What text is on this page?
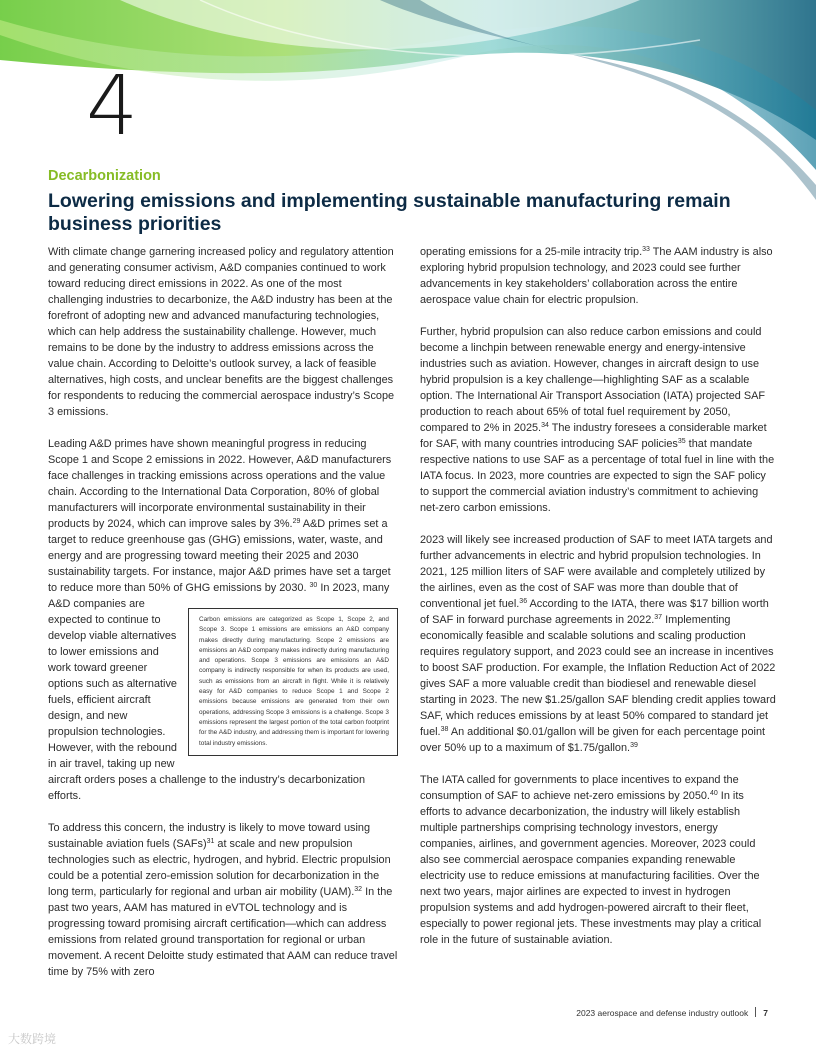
4
Decarbonization
Lowering emissions and implementing sustainable manufacturing remain business priorities

With climate change garnering increased policy and regulatory attention and generating consumer activism, A&D companies continued to work toward reducing direct emissions in 2022. As one of the most challenging industries to decarbonize, the A&D industry has been at the forefront of adopting new and advanced manufacturing technologies, which can help address the sustainability challenge. However, much remains to be done by the industry to address emissions across the value chain. According to Deloitte’s outlook survey, a lack of feasible alternatives, high costs, and unclear benefits are the biggest challenges for respondents to reducing the commercial aerospace industry’s Scope 3 emissions.

Leading A&D primes have shown meaningful progress in reducing Scope 1 and Scope 2 emissions in 2022. However, A&D manufacturers face challenges in tracking emissions across operations and the value chain. According to the International Data Corporation, 80% of global manufacturers will incorporate environmental sustainability in their products by 2024, which can improve sales by 3%.$^{29}$ A&D primes set a target to reduce greenhouse gas (GHG) emissions, water, waste, and energy and are progressing toward meeting their 2025 and 2030 sustainability targets. For instance, major A&D primes have set a target to reduce more than 50% of GHG emissions by 2030.
Carbon emissions are categorized as Scope 1, Scope 2, and Scope 3. Scope 1 emissions are emissions an A&D company makes directly during manufacturing. Scope 2 emissions are emissions an A&D company makes indirectly during manufacturing and operations. Scope 3 emissions are emissions an A&D company is indirectly responsible for when its products are used, such as emissions from an aircraft in flight. While it is relatively easy for A&D companies to reduce Scope 1 and Scope 2 emissions because emissions are generated from their own operations, addressing Scope 3 emissions is a challenge. Scope 3 emissions represent the largest portion of the total carbon footprint for the A&D industry, and addressing them is important for lowering total industry emissions.
$^{30}$ In 2023, many A&D companies are expected to continue to develop viable alternatives to lower emissions and work toward greener options such as alternative fuels, efficient aircraft design, and new propulsion technologies. However, with the rebound in air travel, taking up new aircraft orders poses a challenge to the industry’s decarbonization efforts.

To address this concern, the industry is likely to move toward using sustainable aviation fuels (SAFs)$^{31}$ at scale and new propulsion technologies such as electric, hydrogen, and hybrid. Electric propulsion could be a potential zero-emission solution for decarbonization in the long term, particularly for regional and urban air mobility (UAM).$^{32}$ In the past two years, AAM has matured in eVTOL technology and is progressing toward promising aircraft certification—which can address emissions from related ground transportation for regional or urban movement. A recent Deloitte study estimated that AAM can reduce travel time by 75% with zero

operating emissions for a 25-mile intracity trip.$^{33}$ The AAM industry is also exploring hybrid propulsion technology, and 2023 could see further advancements in key stakeholders’ collaboration across the entire aerospace value chain for electric propulsion.

Further, hybrid propulsion can also reduce carbon emissions and could become a linchpin between renewable energy and energy-intensive industries such as aviation. However, changes in aircraft design to use hybrid propulsion is a key challenge—highlighting SAF as a scalable option. The International Air Transport Association (IATA) projected SAF production to reach about 65% of total fuel requirement by 2050, compared to 2% in 2025.34 The industry foresees a considerable market for SAF, with many countries introducing SAF policies$^{35}$ that mandate respective nations to use SAF as a percentage of total fuel in line with the IATA focus. In 2023, more countries are expected to sign the SAF policy to support the commercial aviation industry’s commitment to achieving net-zero carbon emissions.

2023 will likely see increased production of SAF to meet IATA targets and further advancements in electric and hybrid propulsion technologies. In 2021, 125 million liters of SAF were available and completely utilized by the airlines, even as the cost of SAF was more than double that of conventional jet fuel.$^{36}$ According to the IATA, there was $17 billion worth of SAF in forward purchase agreements in 2022.37 Implementing economically feasible and scalable solutions and scaling production requires regulatory support, and 2023 could see an increase in incentives to boost SAF production. For example, the Inflation Reduction Act of 2022 gives SAF a more valuable credit than biodiesel and renewable diesel starting in 2023. The new $1.25/gallon SAF blending credit applies toward SAF, which reduces emissions by at least 50% compared to standard jet fuel.$^{38}$ An additional $0.01/gallon will be given for each percentage point over 50% up to a maximum of $1.75/gallon.$^{39}$

The IATA called for governments to place incentives to expand the consumption of SAF to achieve net-zero emissions by 2050.40 In its efforts to advance decarbonization, the industry will likely establish multiple partnerships comprising technology investors, energy companies, airlines, and government agencies. Moreover, 2023 could also see commercial aerospace companies expanding renewable electricity use to reduce emissions at manufacturing facilities. Over the next two years, major airlines are expected to invest in hydrogen propulsion systems and add hydrogen-powered aircraft to their fleet, especially to power regional jets. These investments may play a critical role in the future of sustainable aviation.

2023 aerospace and defense industry outlook 7
大数跨境
